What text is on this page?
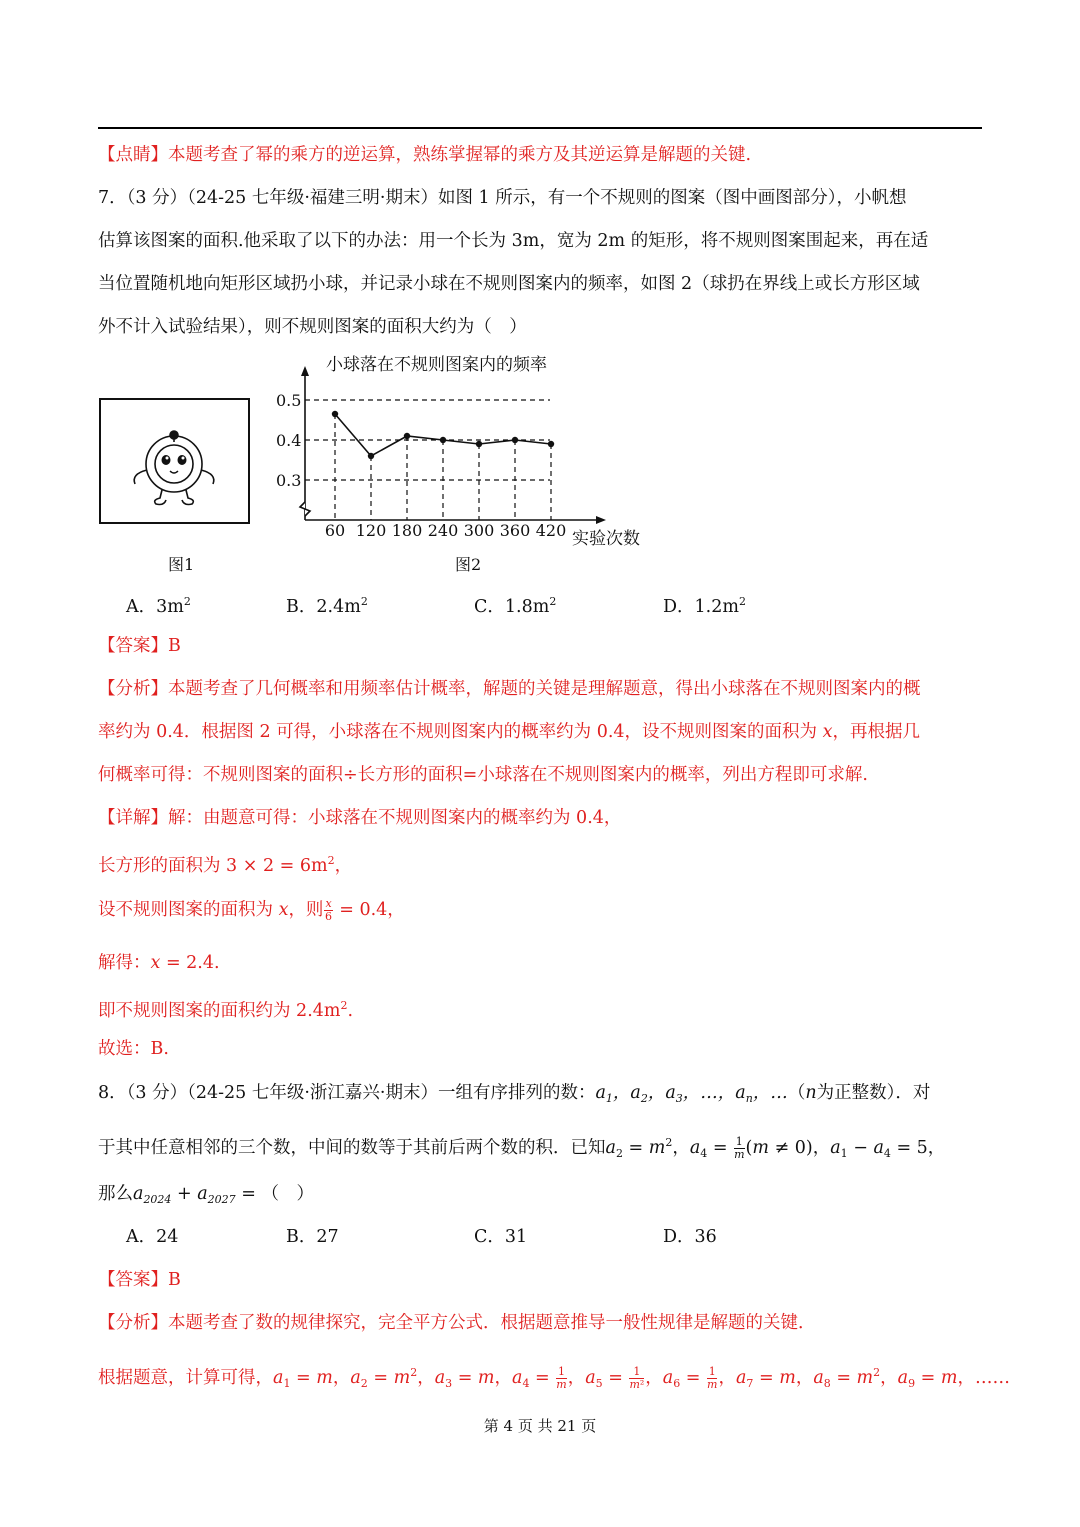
【点睛】本题考查了幂的乘方的逆运算，熟练掌握幂的乘方及其逆运算是解题的关键.
7．（3 分）（24-25 七年级·福建三明·期末）如图 1 所示，有一个不规则的图案（图中画图部分），小帆想
估算该图案的面积.他采取了以下的办法：用一个长为 3m，宽为 2m 的矩形，将不规则图案围起来，再在适
当位置随机地向矩形区域扔小球，并记录小球在不规则图案内的频率，如图 2（球扔在界线上或长方形区域
外不计入试验结果），则不规则图案的面积大约为（　）
图1
小球落在不规则图案内的频率
0.3
0.4
0.5
60 120 180 240 300 360 420 实验次数
图2
A．$3m^2$	B．$2.4m^2$	C．$1.8m^2$	D．$1.2m^2$
【答案】B
【分析】本题考查了几何概率和用频率估计概率，解题的关键是理解题意，得出小球落在不规则图案内的概
率约为 0.4．根据图 2 可得，小球落在不规则图案内的概率约为 0.4，设不规则图案的面积为 x，再根据几
何概率可得：不规则图案的面积÷长方形的面积=小球落在不规则图案内的概率，列出方程即可求解.
【详解】解：由题意可得：小球落在不规则图案内的概率约为 0.4，
长方形的面积为 $3 \times 2 = 6m^2$，
设不规则图案的面积为 x，则 $\frac{x}{6} = 0.4$，
解得：x = 2.4.
即不规则图案的面积约为 $2.4m^2$.
故选：B.
8．（3 分）（24-25 七年级·浙江嘉兴·期末）一组有序排列的数：$a_1$，$a_2$，$a_3$，…，$a_n$，…（n为正整数）．对
于其中任意相邻的三个数，中间的数等于其前后两个数的积．已知$a_2 = m^2$，$a_4 = \frac{1}{m} (m \ne 0)$，$a_1 - a_4 = 5$，
那么$a_{2024} + a_{2027}$ = （　）
A．24	B．27	C．31	D．36
【答案】B
【分析】本题考查了数的规律探究，完全平方公式．根据题意推导一般性规律是解题的关键．
根据题意，计算可得，$a_1 = m$，$a_2 = m^2$，$a_3 = m$，$a_4 = \frac{1}{m}$ ，$a_5 = \frac{1}{\text{m²}}$ ，$a_6 = \frac{1}{m}$ ，$a_7 = m$，$a_8 = m^2$，$a_9 = m$，……
第 4 页 共 21 页
